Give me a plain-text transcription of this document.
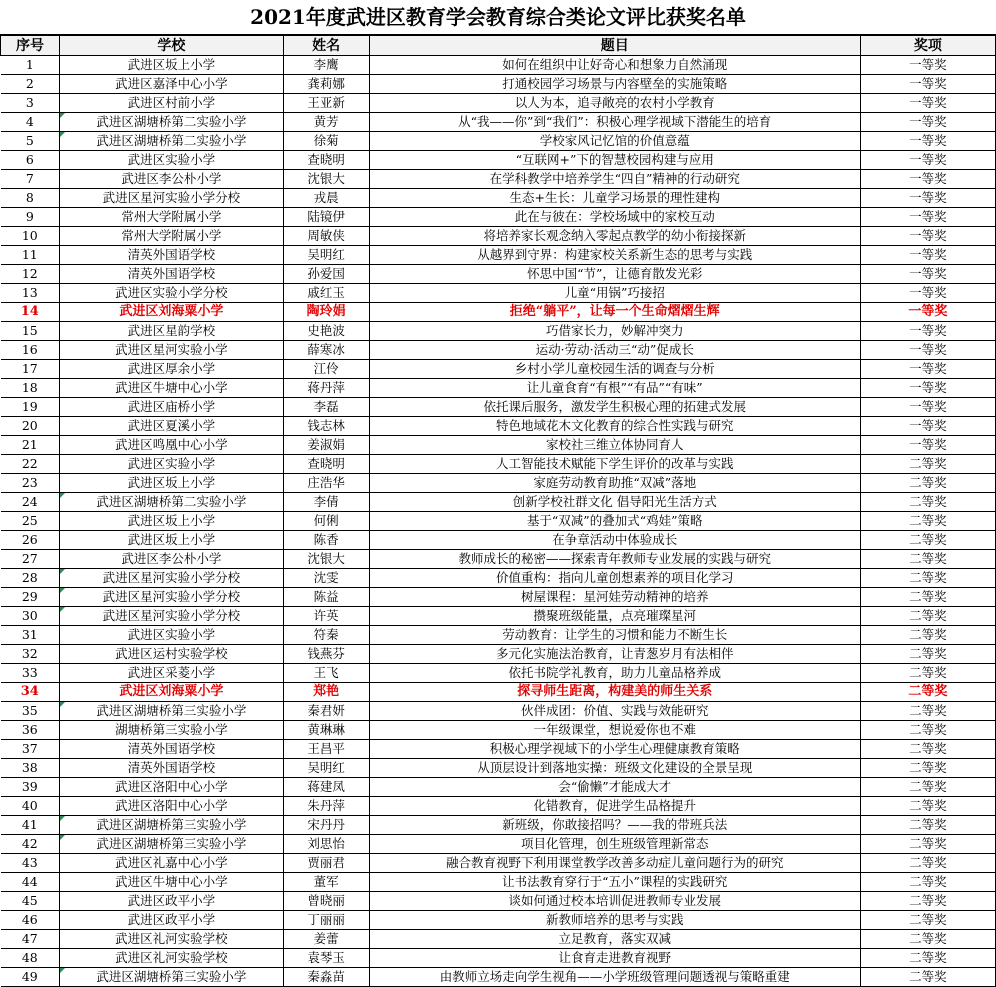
2021年度武进区教育学会教育综合类论文评比获奖名单
序号	学校	姓名	题目	奖项
1	武进区坂上小学	李鹰	如何在组织中让好奇心和想象力自然涌现	一等奖
2	武进区嘉泽中心小学	龚莉娜	打通校园学习场景与内容壁垒的实施策略	一等奖
3	武进区村前小学	王亚新	以人为本，追寻敞亮的农村小学教育	一等奖
4	武进区湖塘桥第二实验小学	黄芳	从“我——你”到“我们”：积极心理学视域下潜能生的培育	一等奖
5	武进区湖塘桥第二实验小学	徐菊	学校家风记忆馆的价值意蕴	一等奖
6	武进区实验小学	查晓明	“互联网+”下的智慧校园构建与应用	一等奖
7	武进区李公朴小学	沈银大	在学科教学中培养学生“四自”精神的行动研究	一等奖
8	武进区星河实验小学分校	戎晨	生态+生长：儿童学习场景的理性建构	一等奖
9	常州大学附属小学	陆镜伊	此在与彼在：学校场域中的家校互动	一等奖
10	常州大学附属小学	周敏侠	将培养家长观念纳入零起点教学的幼小衔接探新	一等奖
11	清英外国语学校	吴明红	从越界到守界：构建家校关系新生态的思考与实践	一等奖
12	清英外国语学校	孙爱国	怀思中国“节”，让德育散发光彩	一等奖
13	武进区实验小学分校	戚红玉	儿童“用锅”巧接招	一等奖
14	武进区刘海粟小学	陶玲娟	拒绝“躺平”，让每一个生命熠熠生辉	一等奖
15	武进区星韵学校	史艳波	巧借家长力，妙解冲突力	一等奖
16	武进区星河实验小学	薛寒冰	运动·劳动·活动三“动”促成长	一等奖
17	武进区厚余小学	江伶	乡村小学儿童校园生活的调查与分析	一等奖
18	武进区牛塘中心小学	蒋丹萍	让儿童食育“有根”“有品”“有味”	一等奖
19	武进区庙桥小学	李磊	依托课后服务，激发学生积极心理的拓建式发展	一等奖
20	武进区夏溪小学	钱志林	特色地域花木文化教育的综合性实践与研究	一等奖
21	武进区鸣凰中心小学	姜淑娟	家校社三维立体协同育人	一等奖
22	武进区实验小学	查晓明	人工智能技术赋能下学生评价的改革与实践	二等奖
23	武进区坂上小学	庄浩华	家庭劳动教育助推“双减”落地	二等奖
24	武进区湖塘桥第二实验小学	李倩	创新学校社群文化 倡导阳光生活方式	二等奖
25	武进区坂上小学	何俐	基于“双减”的叠加式“鸡娃”策略	二等奖
26	武进区坂上小学	陈香	在争章活动中体验成长	二等奖
27	武进区李公朴小学	沈银大	教师成长的秘密——探索青年教师专业发展的实践与研究	二等奖
28	武进区星河实验小学分校	沈雯	价值重构：指向儿童创想素养的项目化学习	二等奖
29	武进区星河实验小学分校	陈益	树屋课程：星河娃劳动精神的培养	二等奖
30	武进区星河实验小学分校	许英	攒聚班级能量，点亮璀璨星河	二等奖
31	武进区实验小学	符秦	劳动教育：让学生的习惯和能力不断生长	二等奖
32	武进区运村实验学校	钱燕芬	多元化实施法治教育，让青葱岁月有法相伴	二等奖
33	武进区采菱小学	王飞	依托书院学礼教育，助力儿童品格养成	二等奖
34	武进区刘海粟小学	郑艳	探寻师生距离，构建美的师生关系	二等奖
35	武进区湖塘桥第三实验小学	秦君妍	伙伴成团：价值、实践与效能研究	二等奖
36	湖塘桥第三实验小学	黄琳琳	一年级课堂，想说爱你也不难	二等奖
37	清英外国语学校	王昌平	积极心理学视域下的小学生心理健康教育策略	二等奖
38	清英外国语学校	吴明红	从顶层设计到落地实操：班级文化建设的全景呈现	二等奖
39	武进区洛阳中心小学	蒋建凤	会“偷懒”才能成大才	二等奖
40	武进区洛阳中心小学	朱丹萍	化错教育，促进学生品格提升	二等奖
41	武进区湖塘桥第三实验小学	宋丹丹	新班级，你敢接招吗？——我的带班兵法	二等奖
42	武进区湖塘桥第三实验小学	刘思怡	项目化管理，创生班级管理新常态	二等奖
43	武进区礼嘉中心小学	贾丽君	融合教育视野下利用课堂教学改善多动症儿童问题行为的研究	二等奖
44	武进区牛塘中心小学	董军	让书法教育穿行于“五小”课程的实践研究	二等奖
45	武进区政平小学	曾晓丽	谈如何通过校本培训促进教师专业发展	二等奖
46	武进区政平小学	丁丽丽	新教师培养的思考与实践	二等奖
47	武进区礼河实验学校	姜蕾	立足教育，落实双减	二等奖
48	武进区礼河实验学校	袁琴玉	让食育走进教育视野	二等奖
49	武进区湖塘桥第三实验小学	秦淼苗	由教师立场走向学生视角——小学班级管理问题透视与策略重建	二等奖
